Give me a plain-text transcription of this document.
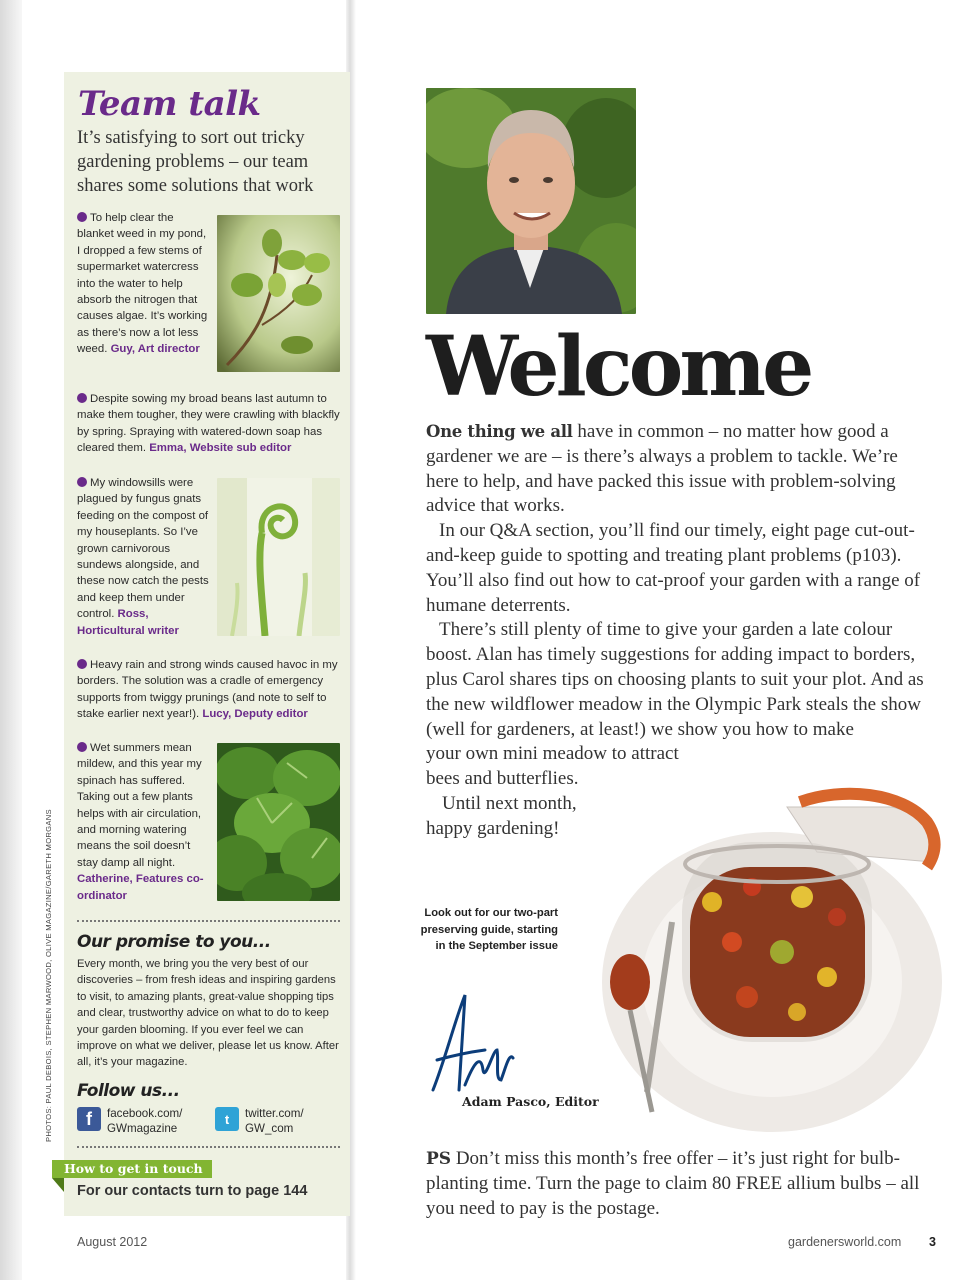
Team talk

It’s satisfying to sort out tricky gardening problems – our team shares some solutions that work

To help clear the blanket weed in my pond, I dropped a few stems of supermarket watercress into the water to help absorb the nitrogen that causes algae. It’s working as there’s now a lot less weed. Guy, Art director

Despite sowing my broad beans last autumn to make them tougher, they were crawling with blackfly by spring. Spraying with watered-down soap has cleared them. Emma, Website sub editor

My windowsills were plagued by fungus gnats feeding on the compost of my houseplants. So I’ve grown carnivorous sundews alongside, and these now catch the pests and keep them under control. Ross, Horticultural writer

Heavy rain and strong winds caused havoc in my borders. The solution was a cradle of emergency supports from twiggy prunings (and note to self to stake earlier next year!). Lucy, Deputy editor

Wet summers mean mildew, and this year my spinach has suffered. Taking out a few plants helps with air circulation, and morning watering means the soil doesn’t stay damp all night. Catherine, Features co-ordinator

Our promise to you...

Every month, we bring you the very best of our discoveries – from fresh ideas and inspiring gardens to visit, to amazing plants, great-value shopping tips and clear, trustworthy advice on what to do to keep your garden blooming. If you ever feel we can improve on what we deliver, please let us know. After all, it’s your magazine.

Follow us...
f	facebook.com/
GWmagazine
t	twitter.com/
GW_com
How to get in touch

For our contacts turn to page 144

PHOTOS: PAUL DEBOIS, STEPHEN MARWOOD, OLIVE MAGAZINE/GARETH MORGANS

Welcome

One thing we all have in common – no matter how good a gardener we are – is there’s always a problem to tackle. We’re here to help, and have packed this issue with problem-solving advice that works.

In our Q&A section, you’ll find our timely, eight page cut-out-and-keep guide to spotting and treating plant problems (p103). You’ll also find out how to cat-proof your garden with a range of humane deterrents.

There’s still plenty of time to give your garden a late colour boost. Alan has timely suggestions for adding impact to borders, plus Carol shares tips on choosing plants to suit your plot. And as the new wildflower meadow in the Olympic Park steals the show (well for gardeners, at least!) we show you how to make
your own mini meadow to attract
bees and butterflies.

Until next month,

happy gardening!

Look out for our two-part preserving guide, starting in the September issue

Adam Pasco, Editor

PS Don’t miss this month’s free offer – it’s just right for bulb-planting time. Turn the page to claim 80 FREE allium bulbs – all you need to pay is the postage.

August 2012	gardenersworld.com 3
